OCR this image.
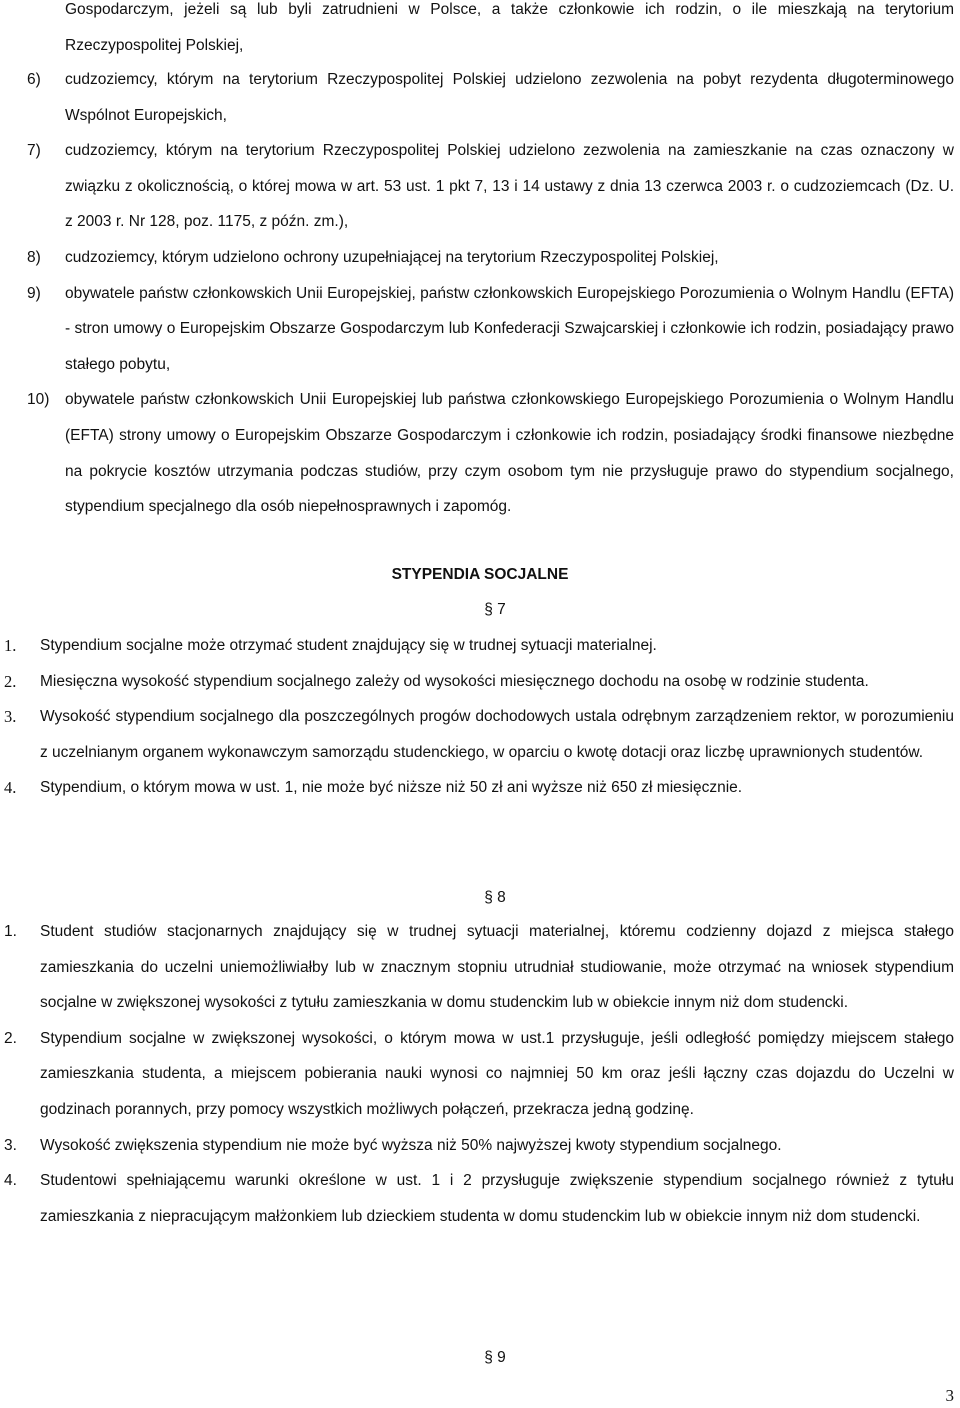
Gospodarczym, jeżeli są lub byli zatrudnieni w Polsce, a także członkowie ich rodzin, o ile mieszkają na terytorium Rzeczypospolitej Polskiej,

6) cudzoziemcy, którym na terytorium Rzeczypospolitej Polskiej udzielono zezwolenia na pobyt rezydenta długoterminowego Wspólnot Europejskich,

7) cudzoziemcy, którym na terytorium Rzeczypospolitej Polskiej udzielono zezwolenia na zamieszkanie na czas oznaczony w związku z okolicznością, o której mowa w art. 53 ust. 1 pkt 7, 13 i 14 ustawy z dnia 13 czerwca 2003 r. o cudzoziemcach (Dz. U. z 2003 r. Nr 128, poz. 1175, z późn. zm.),

8) cudzoziemcy, którym udzielono ochrony uzupełniającej na terytorium Rzeczypospolitej Polskiej,

9) obywatele państw członkowskich Unii Europejskiej, państw członkowskich Europejskiego Porozumienia o Wolnym Handlu (EFTA) - stron umowy o Europejskim Obszarze Gospodarczym lub Konfederacji Szwajcarskiej i członkowie ich rodzin, posiadający prawo stałego pobytu,

10) obywatele państw członkowskich Unii Europejskiej lub państwa członkowskiego Europejskiego Porozumienia o Wolnym Handlu (EFTA) strony umowy o Europejskim Obszarze Gospodarczym i członkowie ich rodzin, posiadający środki finansowe niezbędne na pokrycie kosztów utrzymania podczas studiów, przy czym osobom tym nie przysługuje prawo do stypendium socjalnego, stypendium specjalnego dla osób niepełnosprawnych i zapomóg.

STYPENDIA SOCJALNE

§ 7

1. Stypendium socjalne może otrzymać student znajdujący się w trudnej sytuacji materialnej.

2. Miesięczna wysokość stypendium socjalnego zależy od wysokości miesięcznego dochodu na osobę w rodzinie studenta.

3. Wysokość stypendium socjalnego dla poszczególnych progów dochodowych ustala odrębnym zarządzeniem rektor, w porozumieniu z uczelnianym organem wykonawczym samorządu studenckiego, w oparciu o kwotę dotacji oraz liczbę uprawnionych studentów.

4. Stypendium, o którym mowa w ust. 1, nie może być niższe niż 50 zł ani wyższe niż 650 zł miesięcznie.

§ 8

1. Student studiów stacjonarnych znajdujący się w trudnej sytuacji materialnej, któremu codzienny dojazd z miejsca stałego zamieszkania do uczelni uniemożliwiałby lub w znacznym stopniu utrudniał studiowanie, może otrzymać na wniosek stypendium socjalne w zwiększonej wysokości z tytułu zamieszkania w domu studenckim lub w obiekcie innym niż dom studencki.

2. Stypendium socjalne w zwiększonej wysokości, o którym mowa w ust.1 przysługuje, jeśli odległość pomiędzy miejscem stałego zamieszkania studenta, a miejscem pobierania nauki wynosi co najmniej 50 km oraz jeśli łączny czas dojazdu do Uczelni w godzinach porannych, przy pomocy wszystkich możliwych połączeń, przekracza jedną godzinę.

3. Wysokość zwiększenia stypendium nie może być wyższa niż 50% najwyższej kwoty stypendium socjalnego.

4. Studentowi spełniającemu warunki określone w ust. 1 i 2 przysługuje zwiększenie stypendium socjalnego również z tytułu zamieszkania z niepracującym małżonkiem lub dzieckiem studenta w domu studenckim lub w obiekcie innym niż dom studencki.

§ 9

3
